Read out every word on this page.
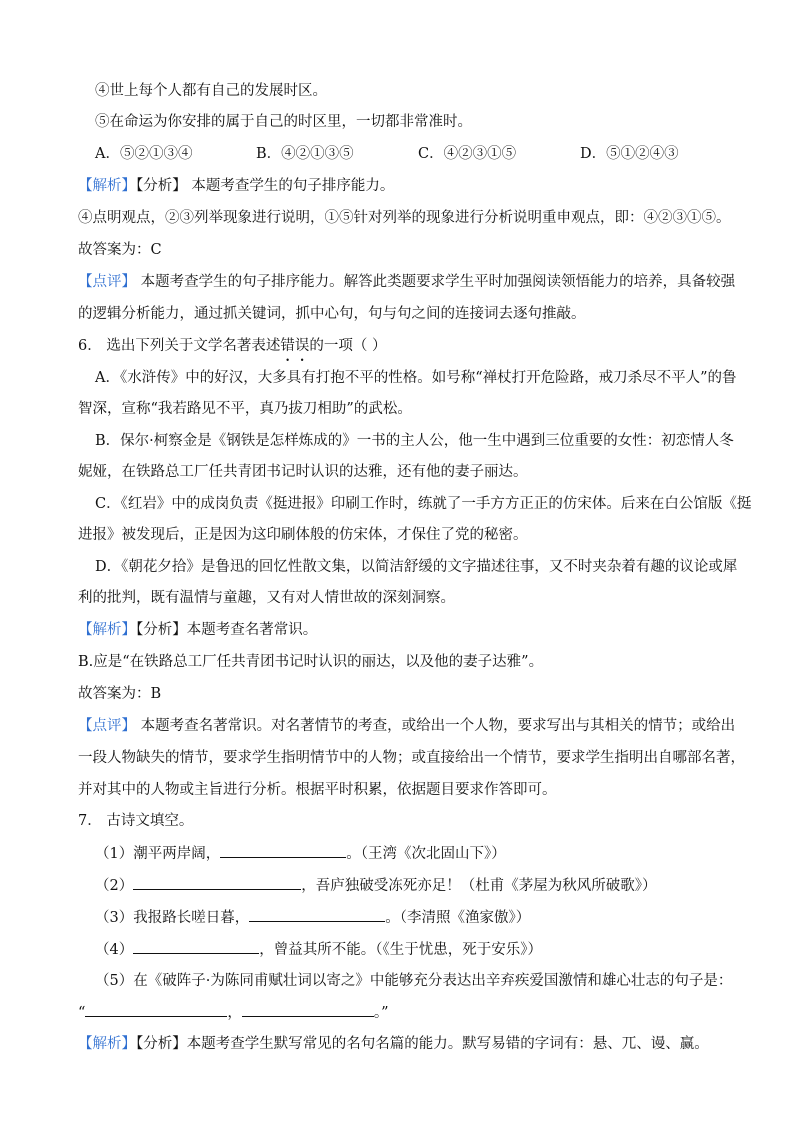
④世上每个人都有自己的发展时区。
⑤在命运为你安排的属于自己的时区里，一切都非常准时。
A．⑤②①③④	B．④②①③⑤	C．④②③①⑤	D．⑤①②④③
【解析】【分析】 本题考查学生的句子排序能力。
④点明观点，②③列举现象进行说明，①⑤针对列举的现象进行分析说明重申观点，即：④②③①⑤。
故答案为：C
【点评】 本题考查学生的句子排序能力。解答此类题要求学生平时加强阅读领悟能力的培养，具备较强
的逻辑分析能力，通过抓关键词，抓中心句，句与句之间的连接词去逐句推敲。
6． 选出下列关于文学名著表述错误的一项（ ）
A．《水浒传》中的好汉，大多具有打抱不平的性格。如号称“禅杖打开危险路，戒刀杀尽不平人”的鲁
智深，宣称“我若路见不平，真乃拔刀相助”的武松。
B．保尔·柯察金是《钢铁是怎样炼成的》一书的主人公，他一生中遇到三位重要的女性：初恋情人冬
妮娅，在铁路总工厂任共青团书记时认识的达雅，还有他的妻子丽达。
C．《红岩》中的成岗负责《挺进报》印刷工作时，练就了一手方方正正的仿宋体。后来在白公馆版《挺
进报》被发现后，正是因为这印刷体般的仿宋体，才保住了党的秘密。
D．《朝花夕拾》是鲁迅的回忆性散文集，以简洁舒缓的文字描述往事，又不时夹杂着有趣的议论或犀
利的批判，既有温情与童趣，又有对人情世故的深刻洞察。
【解析】【分析】本题考查名著常识。
B.应是“在铁路总工厂任共青团书记时认识的丽达，以及他的妻子达雅”。
故答案为：B
【点评】 本题考查名著常识。对名著情节的考查，或给出一个人物，要求写出与其相关的情节；或给出
一段人物缺失的情节，要求学生指明情节中的人物；或直接给出一个情节，要求学生指明出自哪部名著，
并对其中的人物或主旨进行分析。根据平时积累，依据题目要求作答即可。
7． 古诗文填空。
（1）潮平两岸阔，	。（王湾《次北固山下》）
（2）	，吾庐独破受冻死亦足！（杜甫《茅屋为秋风所破歌》）
（3）我报路长嗟日暮，	。（李清照《渔家傲》）
（4）	，曾益其所不能。（《生于忧患，死于安乐》）
（5）在《破阵子·为陈同甫赋壮词以寄之》中能够充分表达出辛弃疾爱国激情和雄心壮志的句子是：
“	，	。”
【解析】【分析】本题考查学生默写常见的名句名篇的能力。默写易错的字词有：悬、兀、谩、赢。
